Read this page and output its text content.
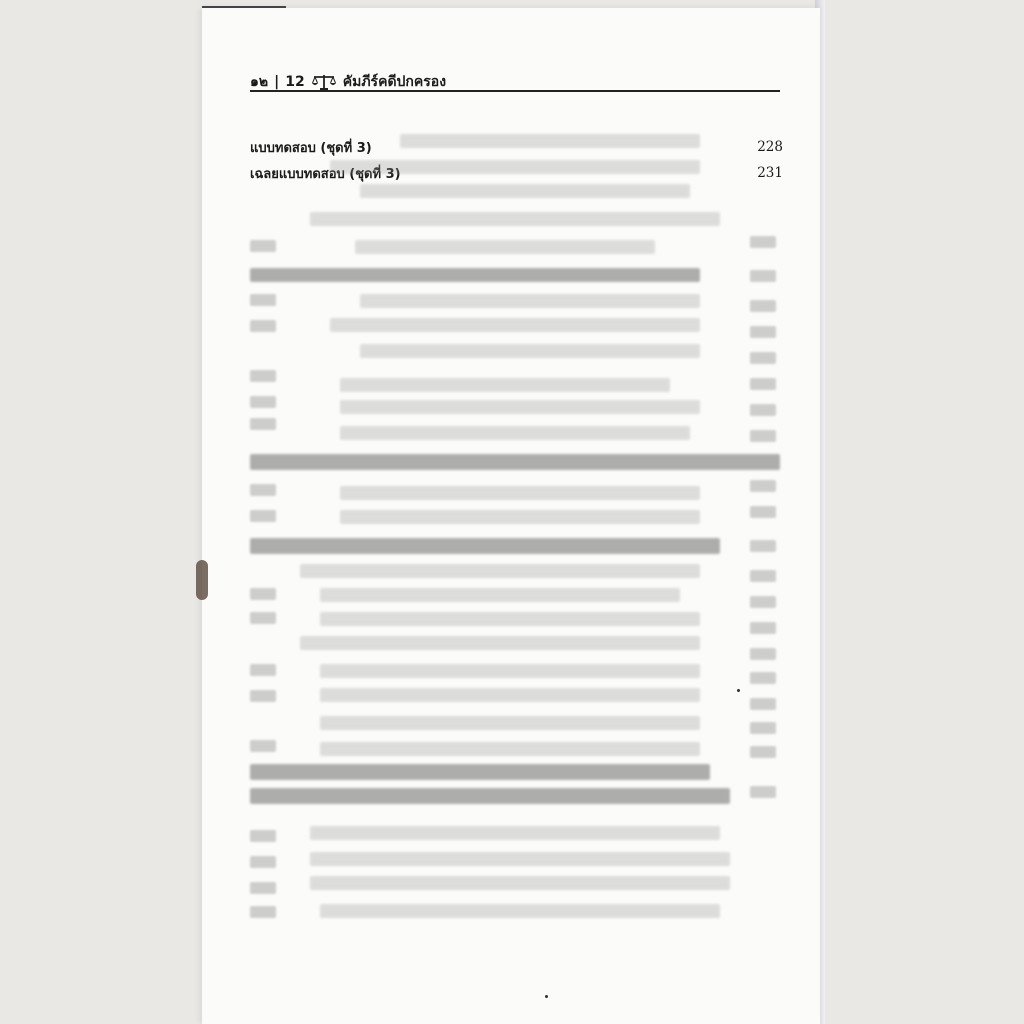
๑๒ | 12	คัมภีร์คดีปกครอง
แบบทดสอบ (ชุดที่ 3)	228
เฉลยแบบทดสอบ (ชุดที่ 3)	231
